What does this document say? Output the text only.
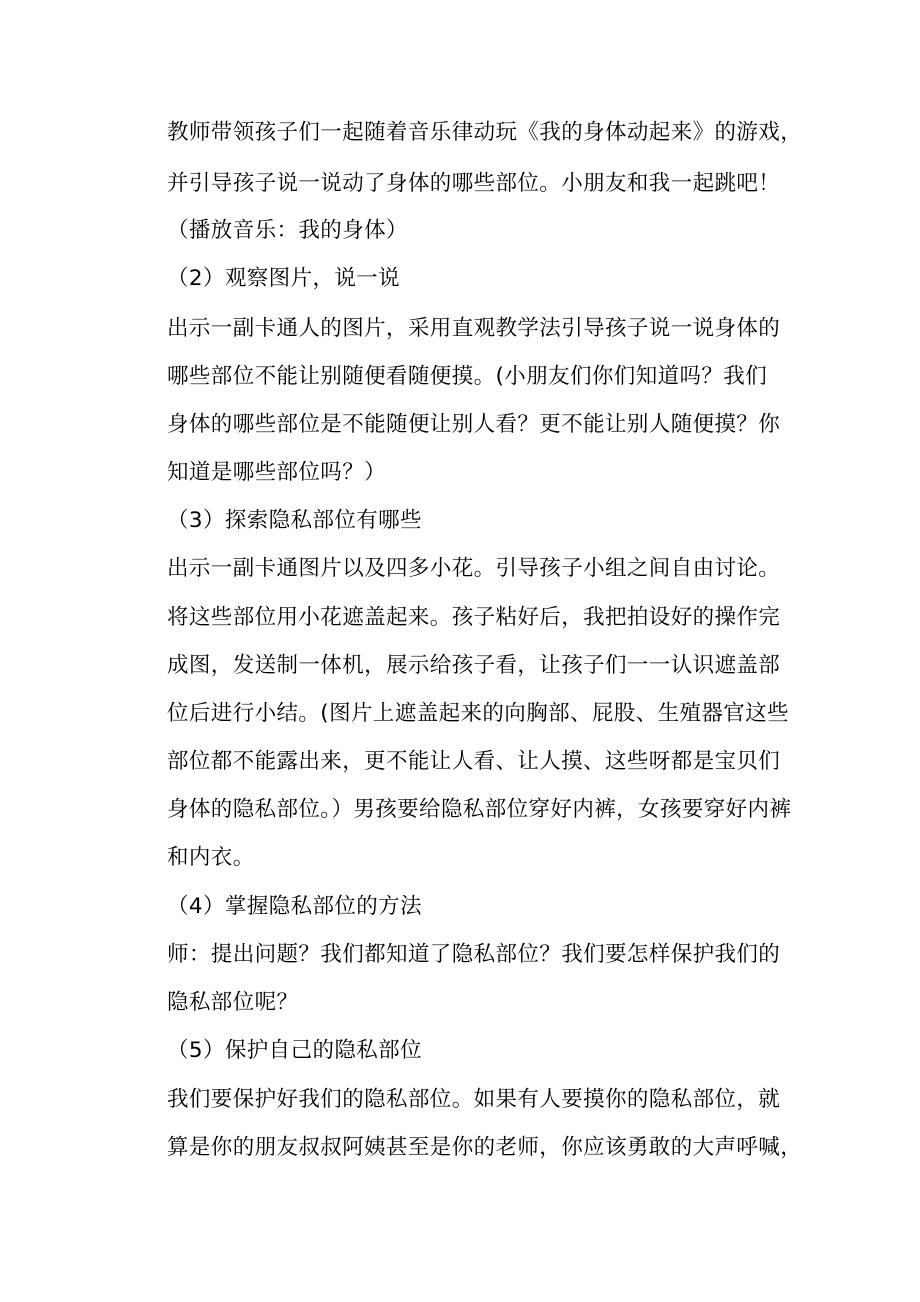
教师带领孩子们一起随着音乐律动玩《我的身体动起来》的游戏，
并引导孩子说一说动了身体的哪些部位。小朋友和我一起跳吧！
（播放音乐：我的身体）
（2）观察图片，说一说
出示一副卡通人的图片，采用直观教学法引导孩子说一说身体的
哪些部位不能让别随便看随便摸。(小朋友们你们知道吗？我们
身体的哪些部位是不能随便让别人看？更不能让别人随便摸？你
知道是哪些部位吗？）
（3）探索隐私部位有哪些
出示一副卡通图片以及四多小花。引导孩子小组之间自由讨论。
将这些部位用小花遮盖起来。孩子粘好后，我把拍设好的操作完
成图，发送制一体机，展示给孩子看，让孩子们一一认识遮盖部
位后进行小结。(图片上遮盖起来的向胸部、屁股、生殖器官这些
部位都不能露出来，更不能让人看、让人摸、这些呀都是宝贝们
身体的隐私部位。）男孩要给隐私部位穿好内裤，女孩要穿好内裤
和内衣。
（4）掌握隐私部位的方法
师：提出问题？我们都知道了隐私部位？我们要怎样保护我们的
隐私部位呢？
（5）保护自己的隐私部位
我们要保护好我们的隐私部位。如果有人要摸你的隐私部位，就
算是你的朋友叔叔阿姨甚至是你的老师，你应该勇敢的大声呼喊，
